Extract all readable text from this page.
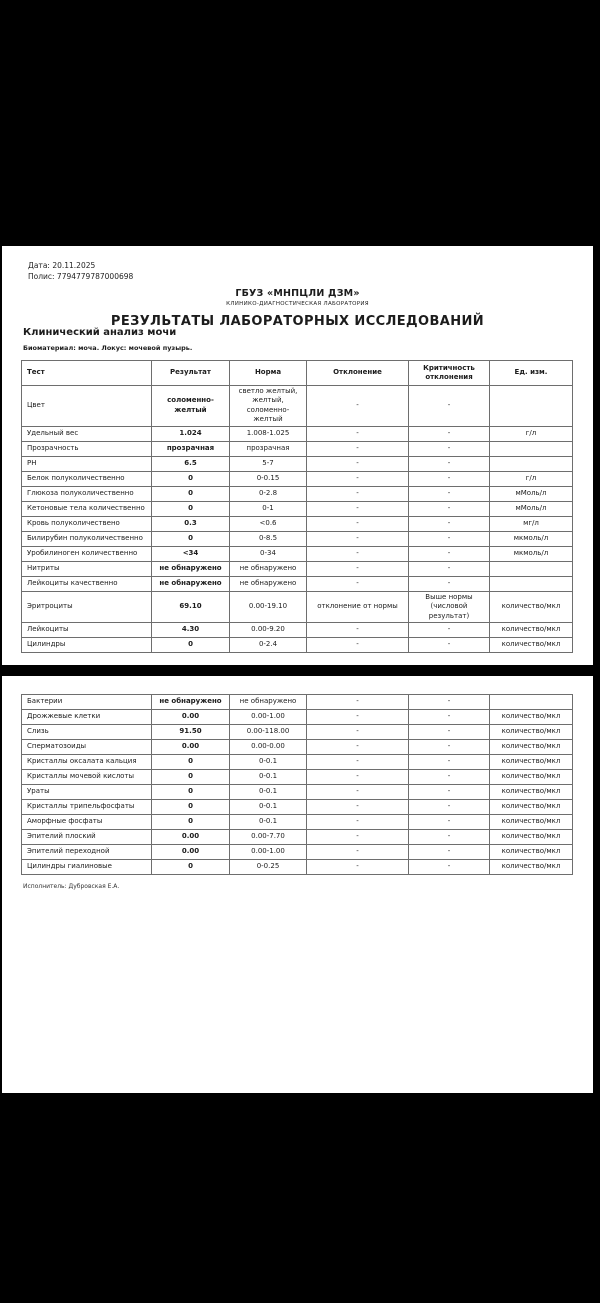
Дата: 20.11.2025
Полис: 7794779787000698
ГБУЗ «МНПЦЛИ ДЗМ»
КЛИНИКО-ДИАГНОСТИЧЕСКАЯ ЛАБОРАТОРИЯ
РЕЗУЛЬТАТЫ ЛАБОРАТОРНЫХ ИССЛЕДОВАНИЙ
Клинический анализ мочи
Биоматериал: моча. Локус: мочевой пузырь.
Тест	Результат	Норма	Отклонение	Критичность отклонения	Ед. изм.
Цвет	соломенно-желтый	светло желтый, желтый, соломенно-желтый	-	-	
Удельный вес	1.024	1.008-1.025	-	-	г/л
Прозрачность	прозрачная	прозрачная	-	-	
PH	6.5	5-7	-	-	
Белок полуколичественно	0	0-0.15	-	-	г/л
Глюкоза полуколичественно	0	0-2.8	-	-	мМоль/л
Кетоновые тела количественно	0	0-1	-	-	мМоль/л
Кровь полуколичествено	0.3	<0.6	-	-	мг/л
Билирубин полуколичественно	0	0-8.5	-	-	мкмоль/л
Уробилиноген количественно	<34	0-34	-	-	мкмоль/л
Нитриты	не обнаружено	не обнаружено	-	-	
Лейкоциты качественно	не обнаружено	не обнаружено	-	-	
Эритроциты	69.10	0.00-19.10	отклонение от нормы	Выше нормы (числовой результат)	количество/мкл
Лейкоциты	4.30	0.00-9.20	-	-	количество/мкл
Цилиндры	0	0-2.4	-	-	количество/мкл
Бактерии	не обнаружено	не обнаружено	-	-	
Дрожжевые клетки	0.00	0.00-1.00	-	-	количество/мкл
Слизь	91.50	0.00-118.00	-	-	количество/мкл
Сперматозоиды	0.00	0.00-0.00	-	-	количество/мкл
Кристаллы оксалата кальция	0	0-0.1	-	-	количество/мкл
Кристаллы мочевой кислоты	0	0-0.1	-	-	количество/мкл
Ураты	0	0-0.1	-	-	количество/мкл
Кристаллы трипельфосфаты	0	0-0.1	-	-	количество/мкл
Аморфные фосфаты	0	0-0.1	-	-	количество/мкл
Эпителий плоский	0.00	0.00-7.70	-	-	количество/мкл
Эпителий переходной	0.00	0.00-1.00	-	-	количество/мкл
Цилиндры гиалиновые	0	0-0.25	-	-	количество/мкл
Исполнитель: Дубровская Е.А.
